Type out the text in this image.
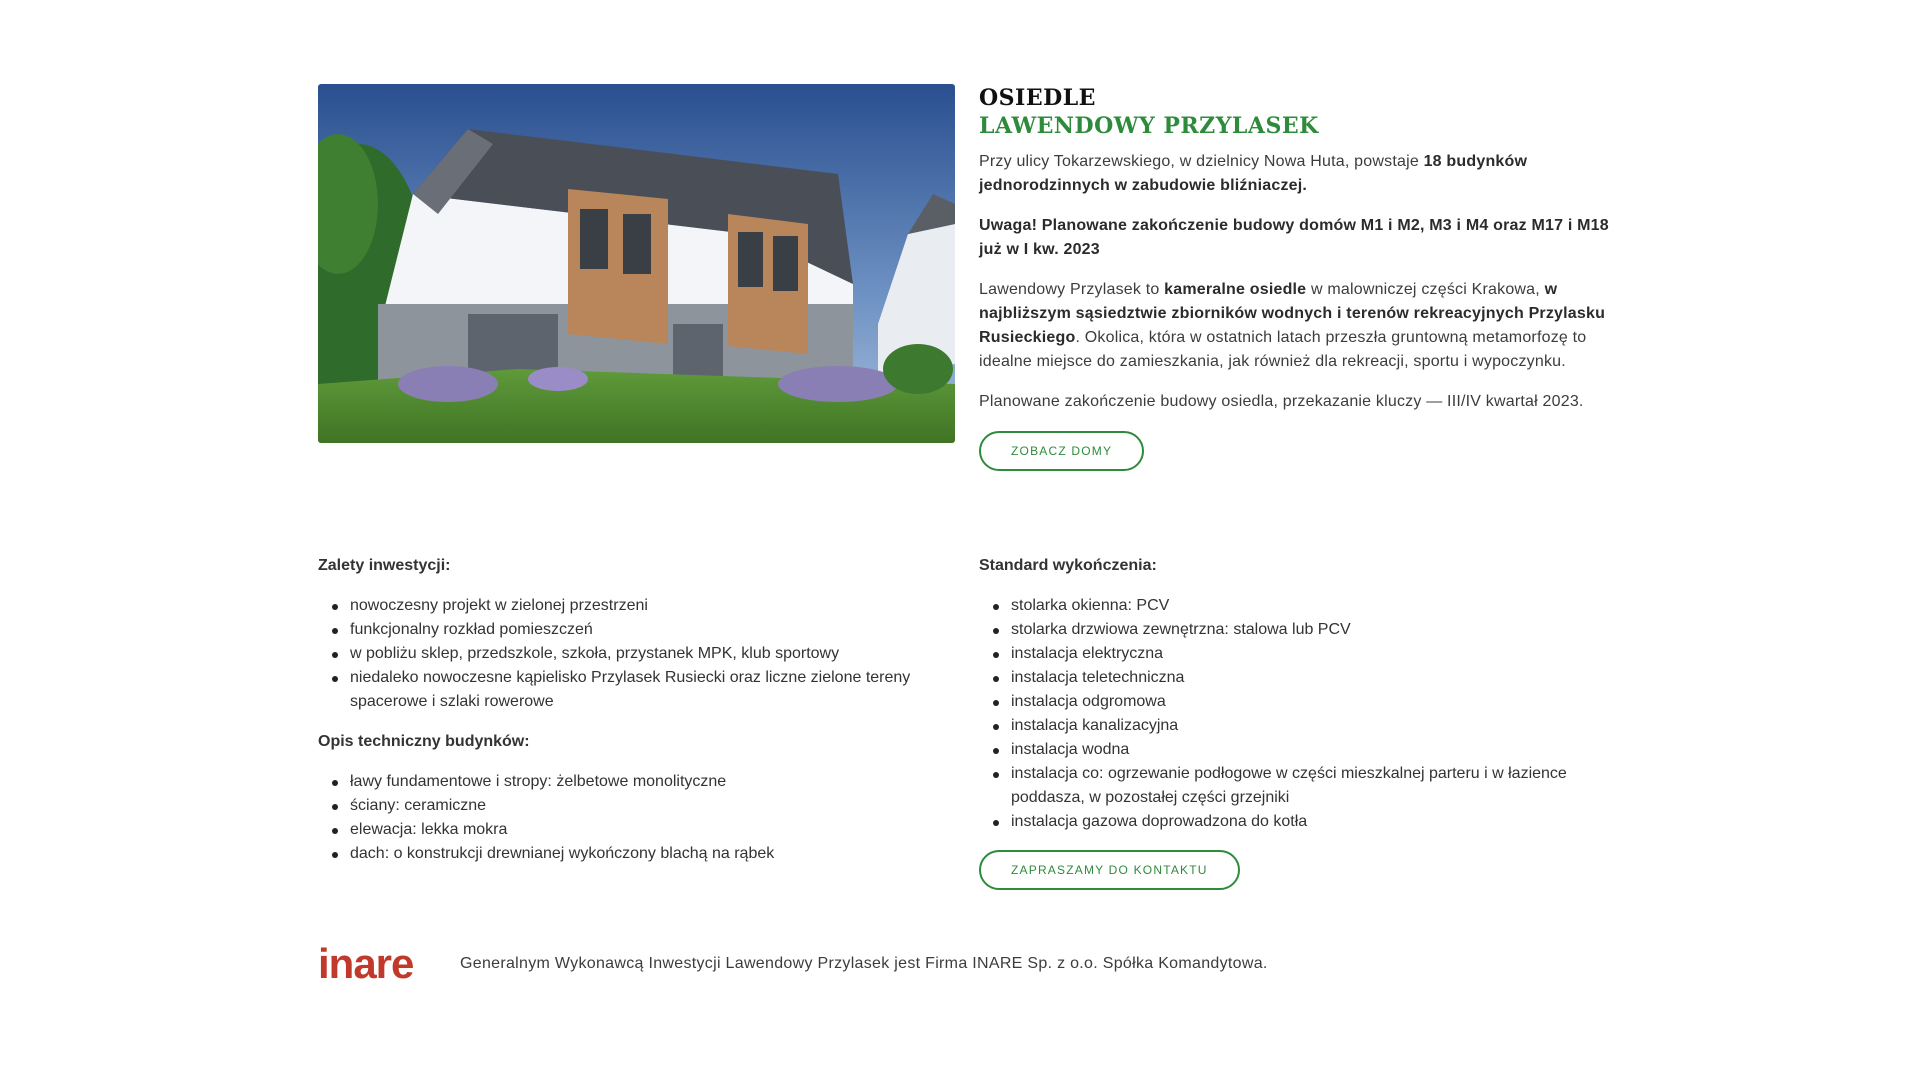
OSIEDLE
LAWENDOWY PRZYLASEK

Przy ulicy Tokarzewskiego, w dzielnicy Nowa Huta, powstaje 18 budynków jednorodzinnych w zabudowie bliźniaczej.

Uwaga! Planowane zakończenie budowy domów M1 i M2, M3 i M4 oraz M17 i M18 już w I kw. 2023

Lawendowy Przylasek to kameralne osiedle w malowniczej części Krakowa, w najbliższym sąsiedztwie zbiorników wodnych i terenów rekreacyjnych Przylasku Rusieckiego. Okolica, która w ostatnich latach przeszła gruntowną metamorfozę to idealne miejsce do zamieszkania, jak również dla rekreacji, sportu i wypoczynku.

Planowane zakończenie budowy osiedla, przekazanie kluczy — III/IV kwartał 2023.

ZOBACZ DOMY
Zalety inwestycji:
nowoczesny projekt w zielonej przestrzeni
funkcjonalny rozkład pomieszczeń
w pobliżu sklep, przedszkole, szkoła, przystanek MPK, klub sportowy
niedaleko nowoczesne kąpielisko Przylasek Rusiecki oraz liczne zielone tereny spacerowe i szlaki rowerowe
Opis techniczny budynków:
ławy fundamentowe i stropy: żelbetowe monolityczne
ściany: ceramiczne
elewacja: lekka mokra
dach: o konstrukcji drewnianej wykończony blachą na rąbek
Standard wykończenia:
stolarka okienna: PCV
stolarka drzwiowa zewnętrzna: stalowa lub PCV
instalacja elektryczna
instalacja teletechniczna
instalacja odgromowa
instalacja kanalizacyjna
instalacja wodna
instalacja co: ogrzewanie podłogowe w części mieszkalnej parteru i w łazience poddasza, w pozostałej części grzejniki
instalacja gazowa doprowadzona do kotła
ZAPRASZAMY DO KONTAKTU
inare	Generalnym Wykonawcą Inwestycji Lawendowy Przylasek jest Firma INARE Sp. z o.o. Spółka Komandytowa.
